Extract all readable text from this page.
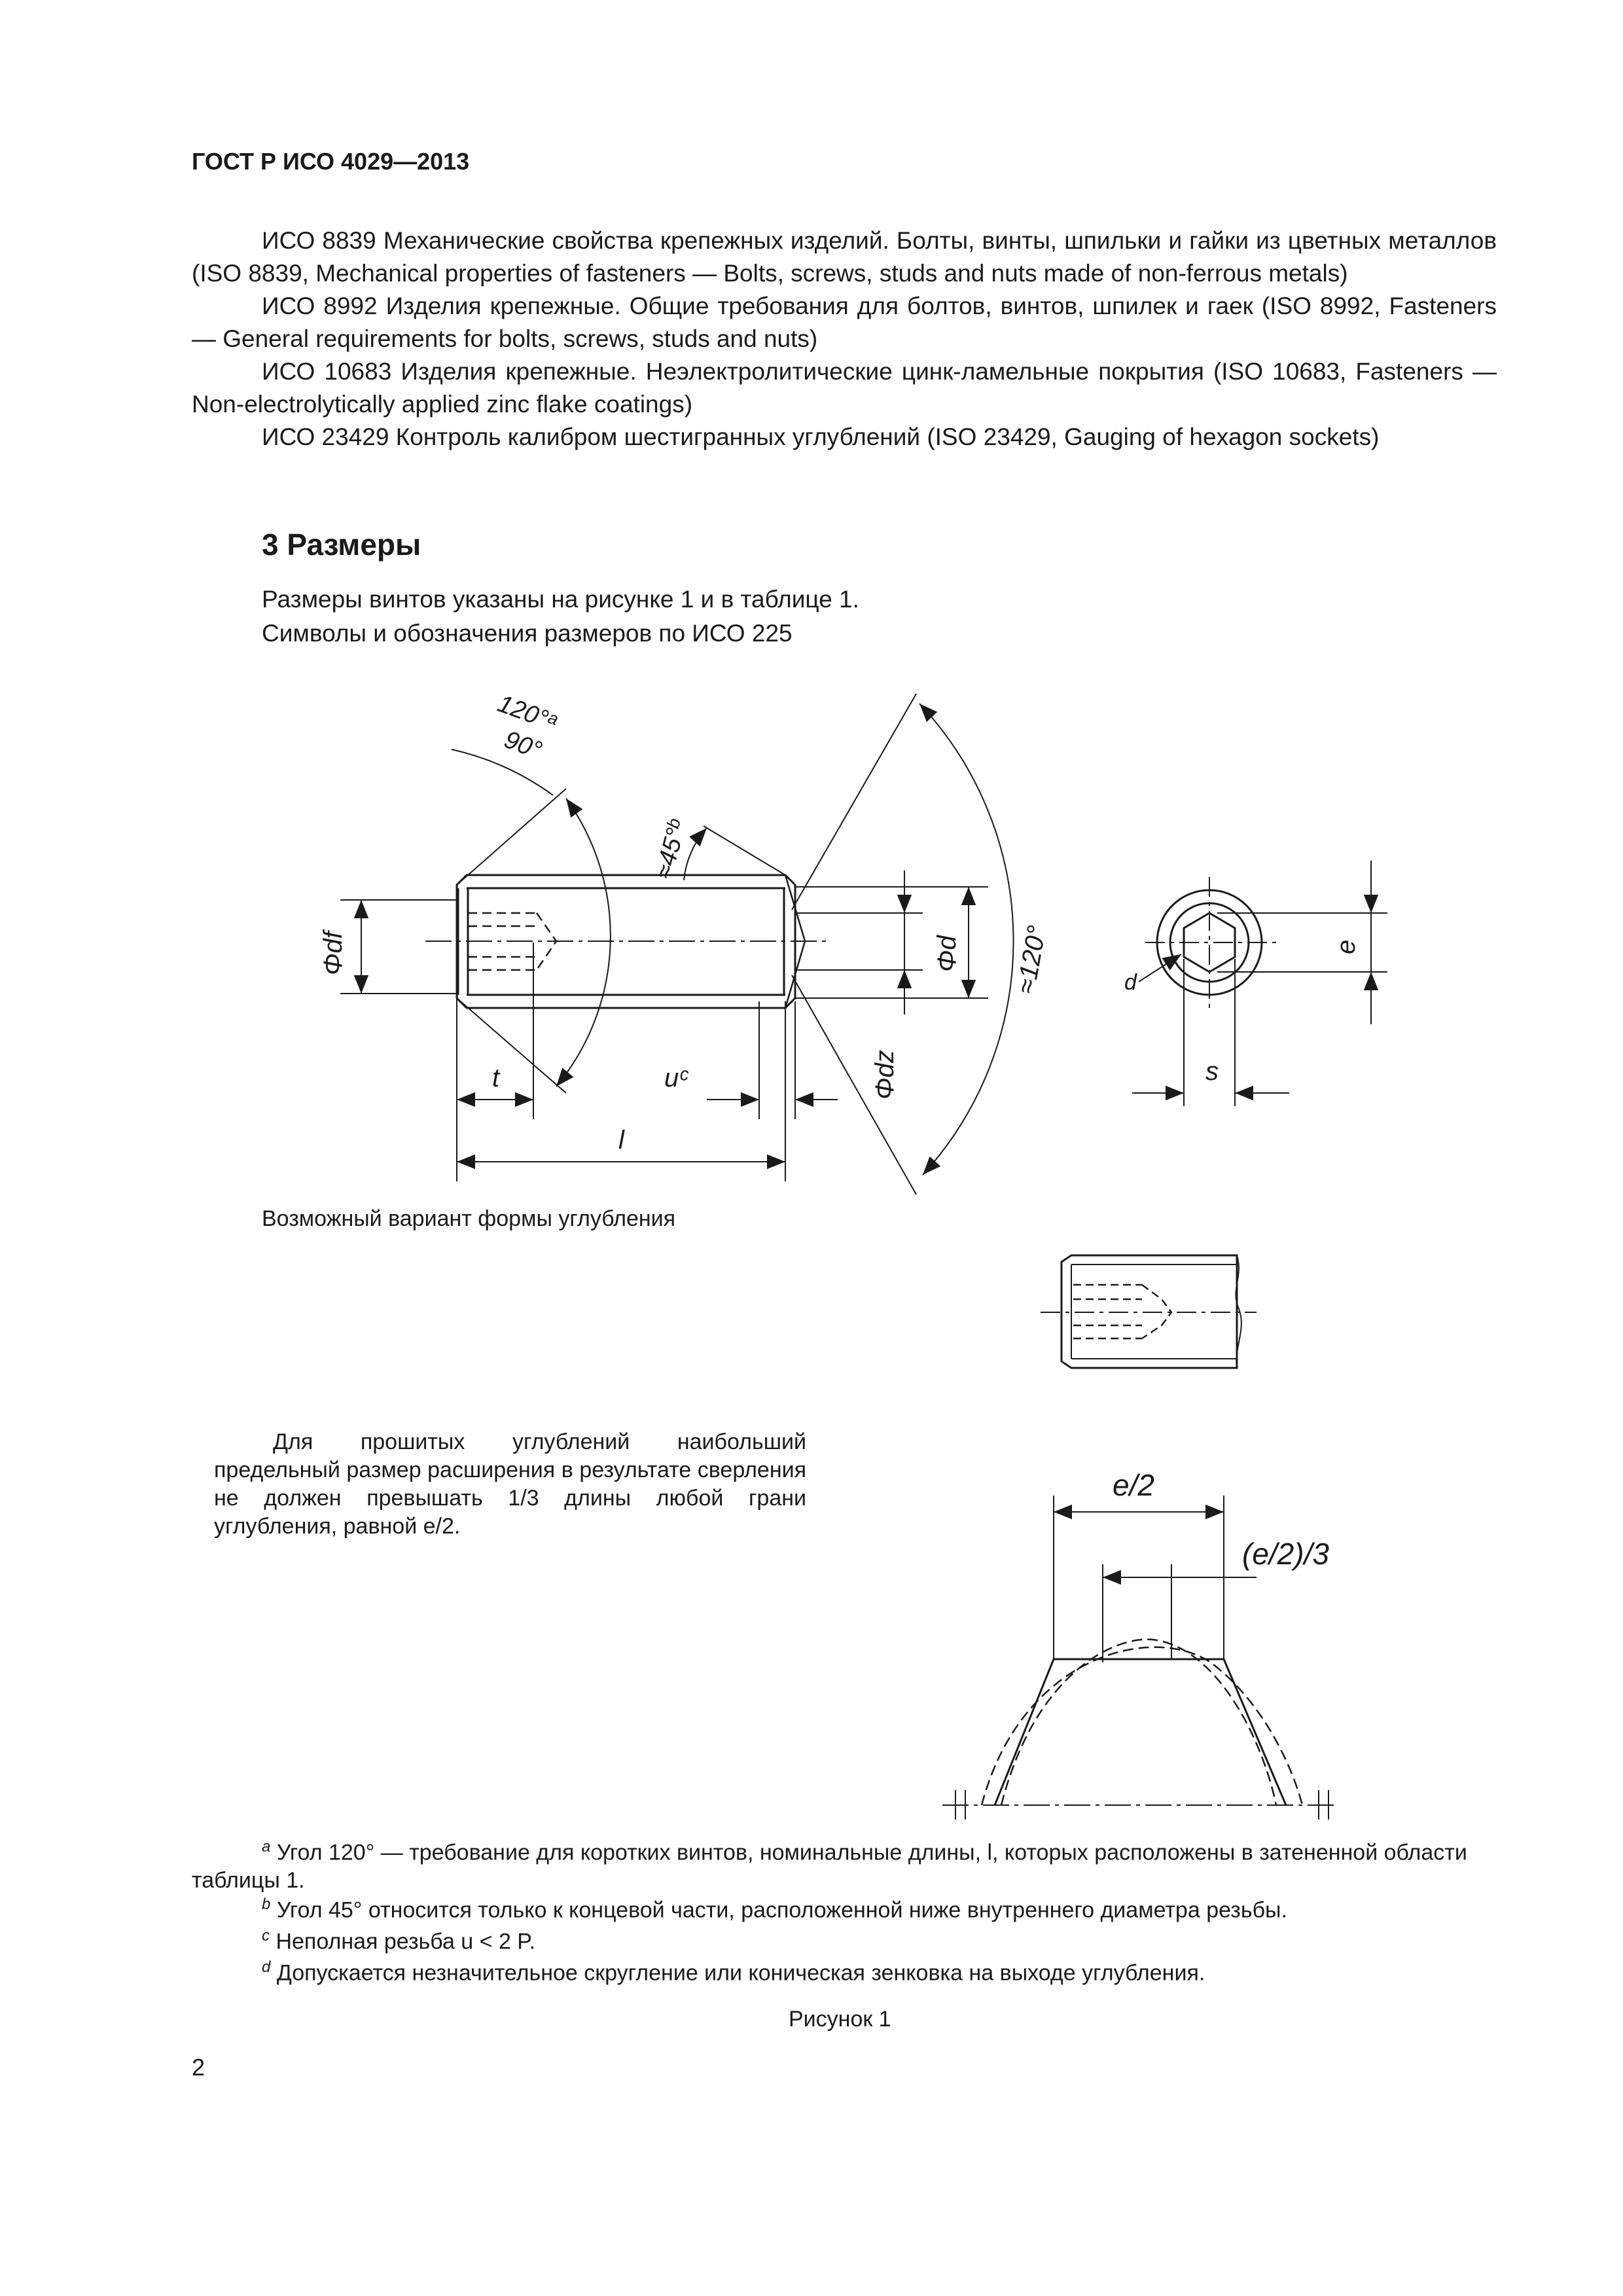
ГОСТ Р ИСО 4029—2013

ИСО 8839 Механические свойства крепежных изделий. Болты, винты, шпильки и гайки из цветных металлов (ISO 8839, Mechanical properties of fasteners — Bolts, screws, studs and nuts made of non-ferrous metals)

ИСО 8992 Изделия крепежные. Общие требования для болтов, винтов, шпилек и гаек (ISO 8992, Fasteners — General requirements for bolts, screws, studs and nuts)

ИСО 10683 Изделия крепежные. Неэлектролитические цинк-ламельные покрытия (ISO 10683, Fasteners — Non-electrolytically applied zinc flake coatings)

ИСО 23429 Контроль калибром шестигранных углублений (ISO 23429, Gauging of hexagon sockets)

3 Размеры
Размеры винтов указаны на рисунке 1 и в таблице 1.
Символы и обозначения размеров по ИСО 225
120°ᵃ
90°
≈45°ᵇ
Φdf	Φd
Φdz
≈120°
t	uᶜ
l
e
s
d
e/2
(e/2)/3
Возможный вариант формы углубления
Для прошитых углублений наибольший предельный размер расширения в результате сверления не должен превышать 1/3 длины любой грани углубления, равной e/2.
$^a$ Угол 120° — требование для коротких винтов, номинальные длины, l, которых расположены в затененной области таблицы 1.
$^b$ Угол 45° относится только к концевой части, расположенной ниже внутреннего диаметра резьбы.
$^c$ Неполная резьба u < 2 P.
$^d$ Допускается незначительное скругление или коническая зенковка на выходе углубления.
Рисунок 1
2
